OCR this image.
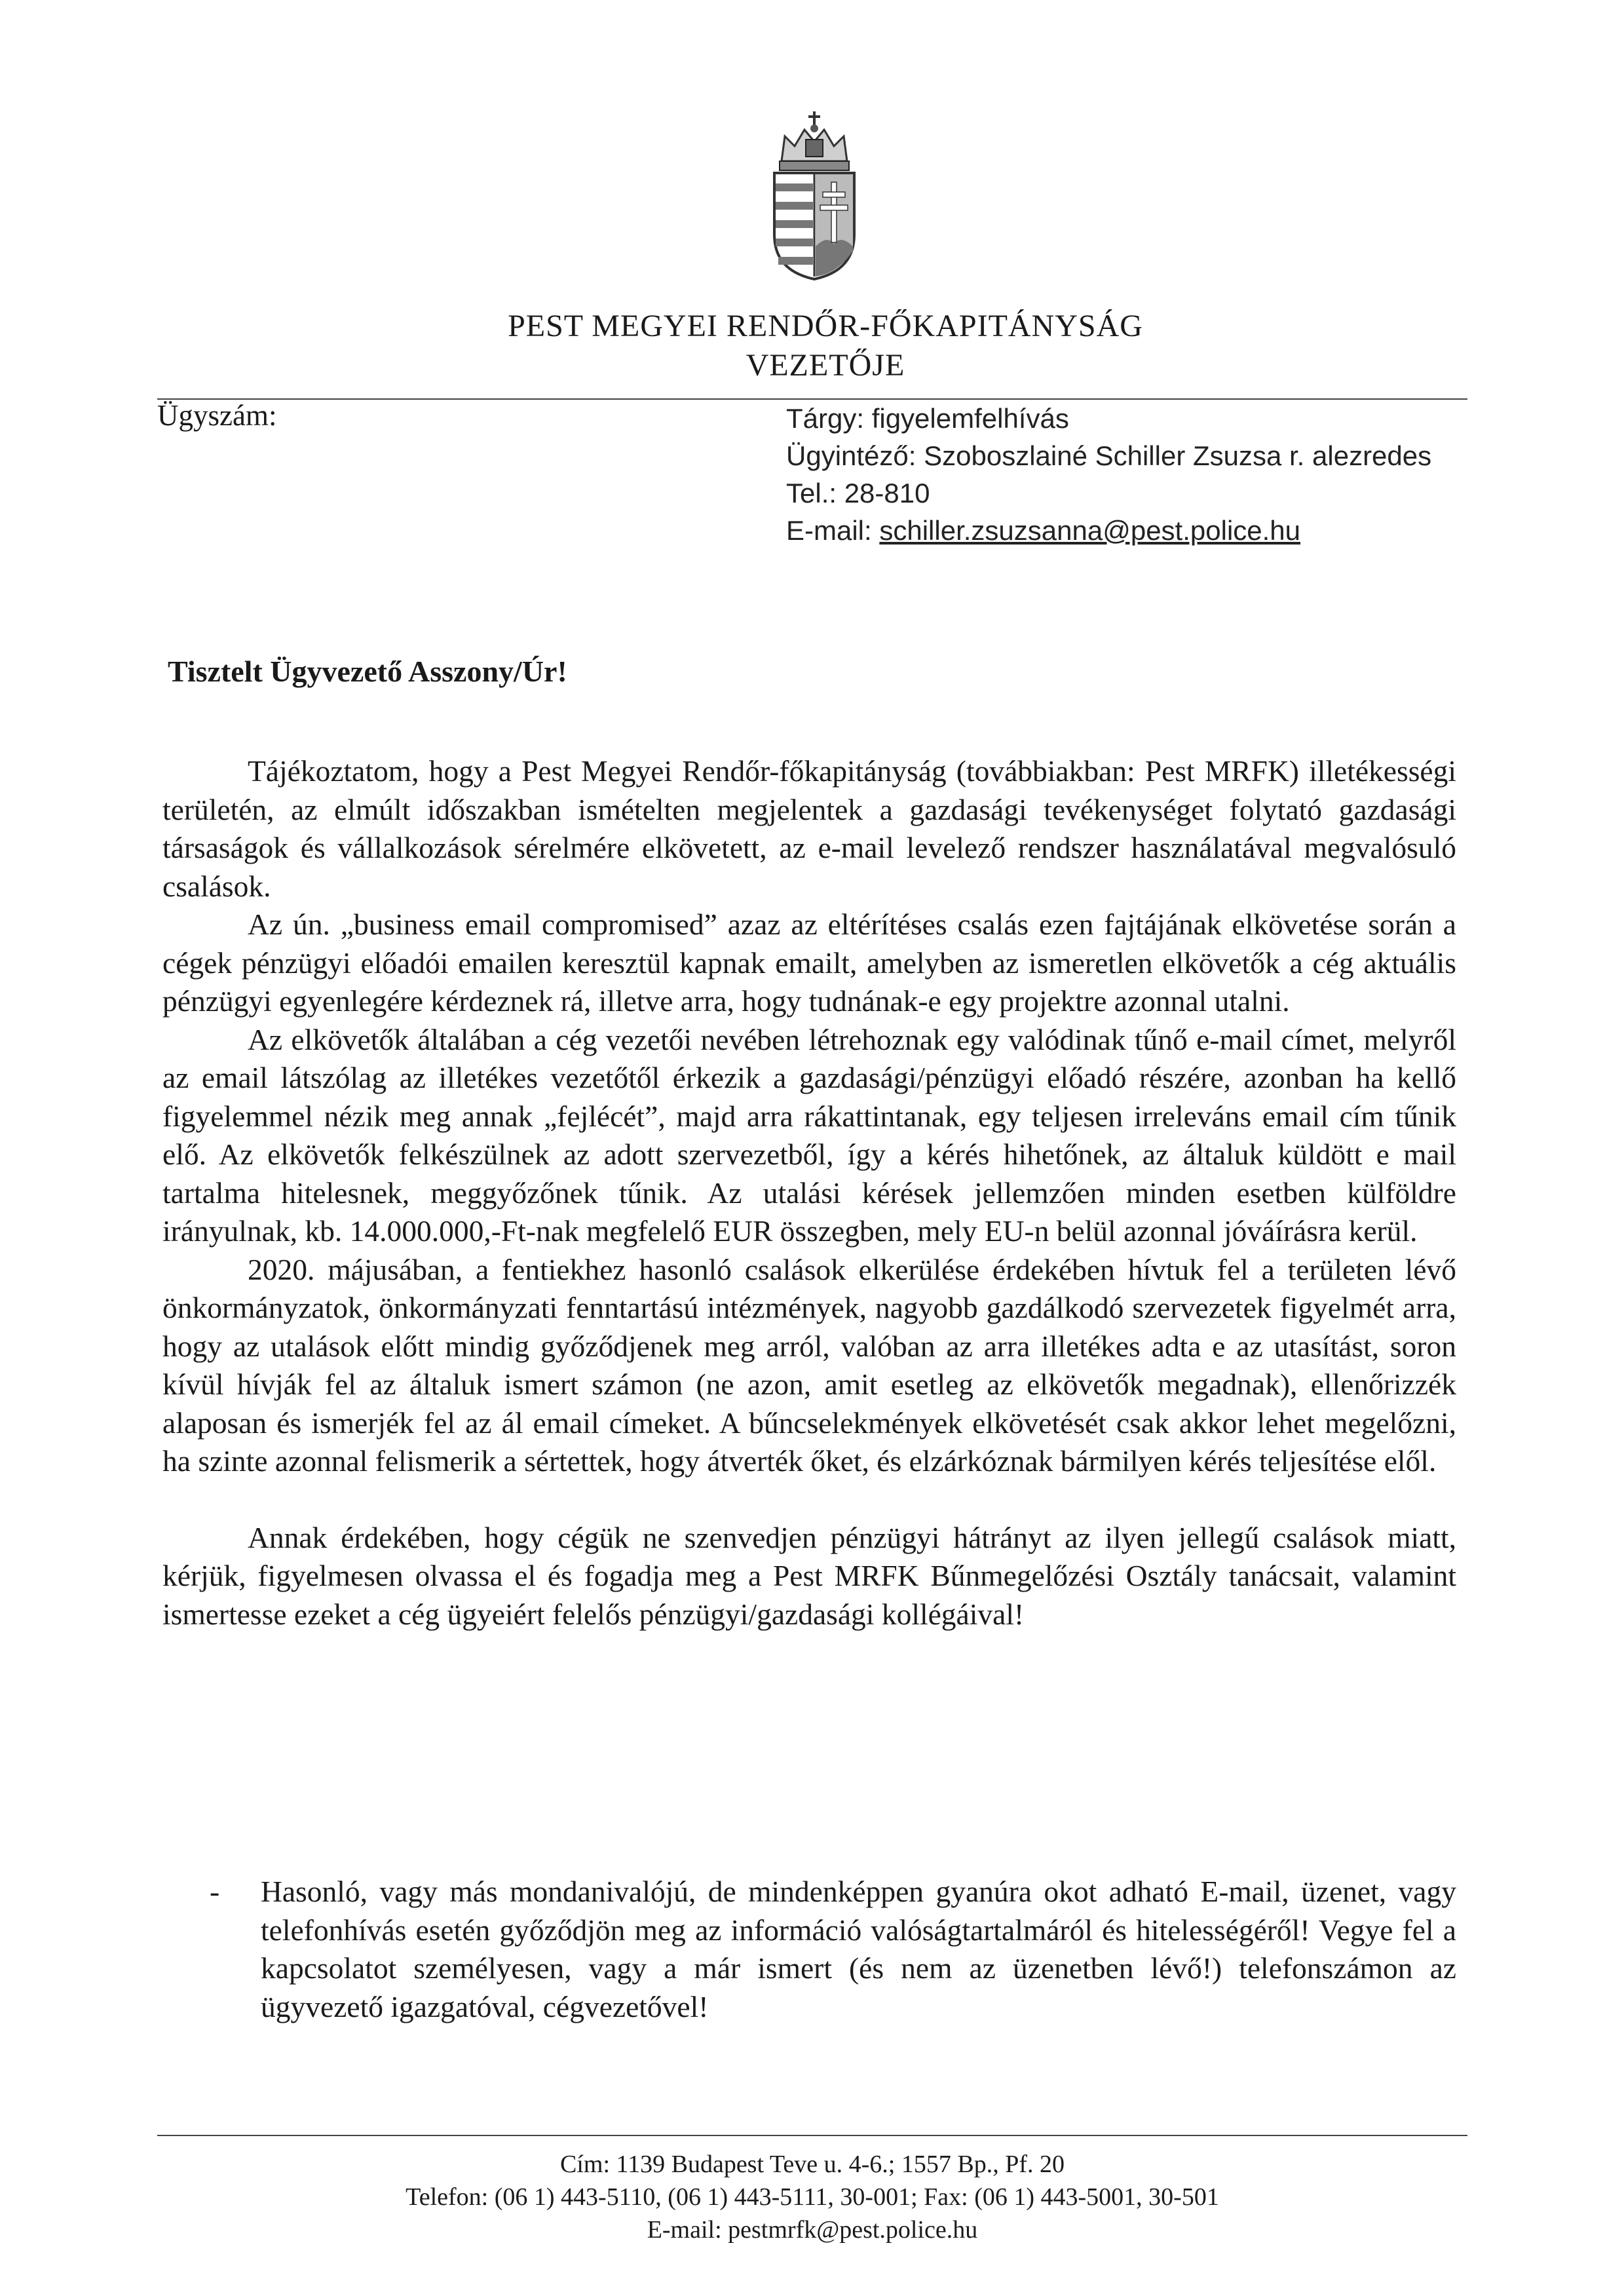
PEST MEGYEI RENDŐR-FŐKAPITÁNYSÁG
VEZETŐJE
Ügyszám:	Tárgy: figyelemfelhívás
Ügyintéző: Szoboszlainé Schiller Zsuzsa r. alezredes
Tel.: 28-810
E-mail: schiller.zsuzsanna@pest.police.hu
Tisztelt Ügyvezető Asszony/Úr!

Tájékoztatom, hogy a Pest Megyei Rendőr-főkapitányság (továbbiakban: Pest MRFK) illetékességi területén, az elmúlt időszakban ismételten megjelentek a gazdasági tevékenységet folytató gazdasági társaságok és vállalkozások sérelmére elkövetett, az e-mail levelező rendszer használatával megvalósuló csalások.

Az ún. „business email compromised” azaz az eltérítéses csalás ezen fajtájának elkövetése során a cégek pénzügyi előadói emailen keresztül kapnak emailt, amelyben az ismeretlen elkövetők a cég aktuális pénzügyi egyenlegére kérdeznek rá, illetve arra, hogy tudnának-e egy projektre azonnal utalni.

Az elkövetők általában a cég vezetői nevében létrehoznak egy valódinak tűnő e-mail címet, melyről az email látszólag az illetékes vezetőtől érkezik a gazdasági/pénzügyi előadó részére, azonban ha kellő figyelemmel nézik meg annak „fejlécét”, majd arra rákattintanak, egy teljesen irreleváns email cím tűnik elő. Az elkövetők felkészülnek az adott szervezetből, így a kérés hihetőnek, az általuk küldött e mail tartalma hitelesnek, meggyőzőnek tűnik. Az utalási kérések jellemzően minden esetben külföldre irányulnak, kb. 14.000.000,-Ft-nak megfelelő EUR összegben, mely EU-n belül azonnal jóváírásra kerül.

2020. májusában, a fentiekhez hasonló csalások elkerülése érdekében hívtuk fel a területen lévő önkormányzatok, önkormányzati fenntartású intézmények, nagyobb gazdálkodó szervezetek figyelmét arra, hogy az utalások előtt mindig győződjenek meg arról, valóban az arra illetékes adta e az utasítást, soron kívül hívják fel az általuk ismert számon (ne azon, amit esetleg az elkövetők megadnak), ellenőrizzék alaposan és ismerjék fel az ál email címeket. A bűncselekmények elkövetését csak akkor lehet megelőzni, ha szinte azonnal felismerik a sértettek, hogy átverték őket, és elzárkóznak bármilyen kérés teljesítése elől.

Annak érdekében, hogy cégük ne szenvedjen pénzügyi hátrányt az ilyen jellegű csalások miatt, kérjük, figyelmesen olvassa el és fogadja meg a Pest MRFK Bűnmegelőzési Osztály tanácsait, valamint ismertesse ezeket a cég ügyeiért felelős pénzügyi/gazdasági kollégáival!

- Hasonló, vagy más mondanivalójú, de mindenképpen gyanúra okot adható E-mail, üzenet, vagy telefonhívás esetén győződjön meg az információ valóságtartalmáról és hitelességéről! Vegye fel a kapcsolatot személyesen, vagy a már ismert (és nem az üzenetben lévő!) telefonszámon az ügyvezető igazgatóval, cégvezetővel!
Cím: 1139 Budapest Teve u. 4-6.; 1557 Bp., Pf. 20
Telefon: (06 1) 443-5110, (06 1) 443-5111, 30-001; Fax: (06 1) 443-5001, 30-501
E-mail: pestmrfk@pest.police.hu
